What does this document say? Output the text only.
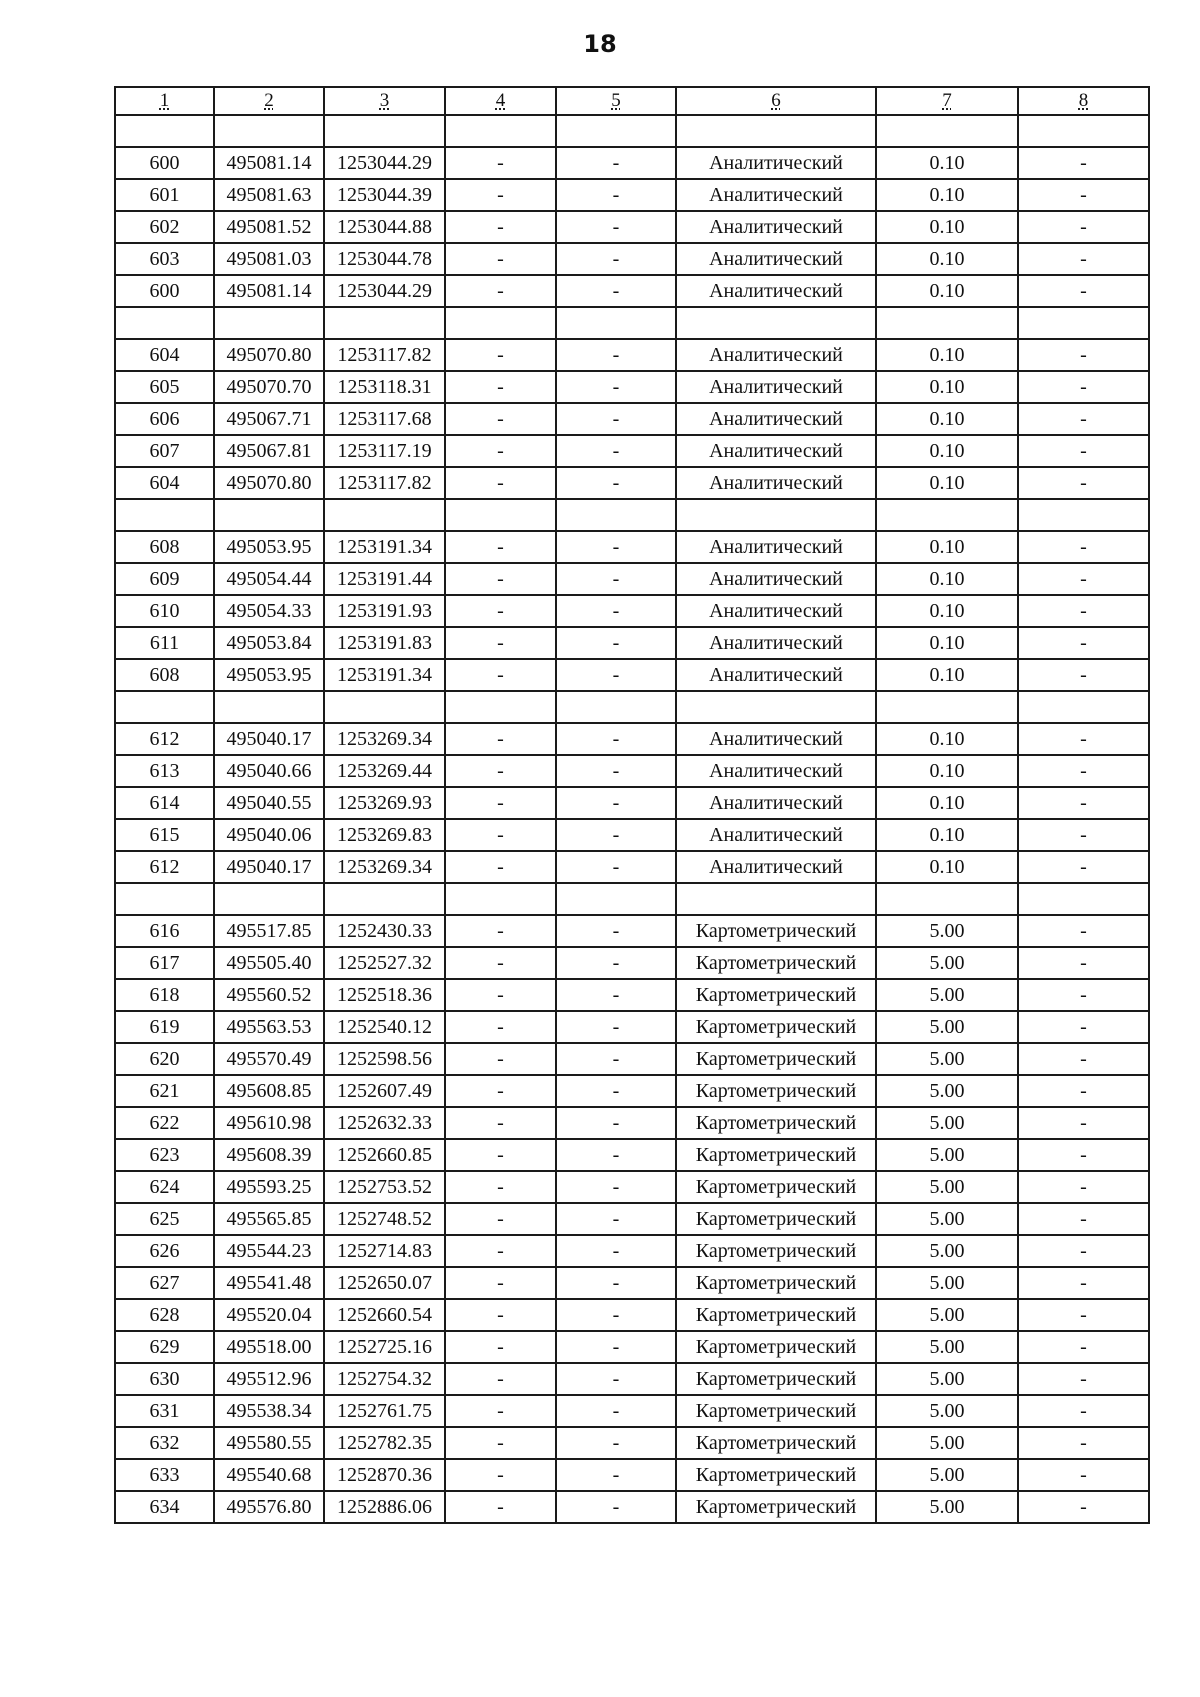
18
1	2	3	4	5	6	7	8

600	495081.14	1253044.29	-	-	Аналитический	0.10	-
601	495081.63	1253044.39	-	-	Аналитический	0.10	-
602	495081.52	1253044.88	-	-	Аналитический	0.10	-
603	495081.03	1253044.78	-	-	Аналитический	0.10	-
600	495081.14	1253044.29	-	-	Аналитический	0.10	-

604	495070.80	1253117.82	-	-	Аналитический	0.10	-
605	495070.70	1253118.31	-	-	Аналитический	0.10	-
606	495067.71	1253117.68	-	-	Аналитический	0.10	-
607	495067.81	1253117.19	-	-	Аналитический	0.10	-
604	495070.80	1253117.82	-	-	Аналитический	0.10	-

608	495053.95	1253191.34	-	-	Аналитический	0.10	-
609	495054.44	1253191.44	-	-	Аналитический	0.10	-
610	495054.33	1253191.93	-	-	Аналитический	0.10	-
611	495053.84	1253191.83	-	-	Аналитический	0.10	-
608	495053.95	1253191.34	-	-	Аналитический	0.10	-

612	495040.17	1253269.34	-	-	Аналитический	0.10	-
613	495040.66	1253269.44	-	-	Аналитический	0.10	-
614	495040.55	1253269.93	-	-	Аналитический	0.10	-
615	495040.06	1253269.83	-	-	Аналитический	0.10	-
612	495040.17	1253269.34	-	-	Аналитический	0.10	-

616	495517.85	1252430.33	-	-	Картометрический	5.00	-
617	495505.40	1252527.32	-	-	Картометрический	5.00	-
618	495560.52	1252518.36	-	-	Картометрический	5.00	-
619	495563.53	1252540.12	-	-	Картометрический	5.00	-
620	495570.49	1252598.56	-	-	Картометрический	5.00	-
621	495608.85	1252607.49	-	-	Картометрический	5.00	-
622	495610.98	1252632.33	-	-	Картометрический	5.00	-
623	495608.39	1252660.85	-	-	Картометрический	5.00	-
624	495593.25	1252753.52	-	-	Картометрический	5.00	-
625	495565.85	1252748.52	-	-	Картометрический	5.00	-
626	495544.23	1252714.83	-	-	Картометрический	5.00	-
627	495541.48	1252650.07	-	-	Картометрический	5.00	-
628	495520.04	1252660.54	-	-	Картометрический	5.00	-
629	495518.00	1252725.16	-	-	Картометрический	5.00	-
630	495512.96	1252754.32	-	-	Картометрический	5.00	-
631	495538.34	1252761.75	-	-	Картометрический	5.00	-
632	495580.55	1252782.35	-	-	Картометрический	5.00	-
633	495540.68	1252870.36	-	-	Картометрический	5.00	-
634	495576.80	1252886.06	-	-	Картометрический	5.00	-
